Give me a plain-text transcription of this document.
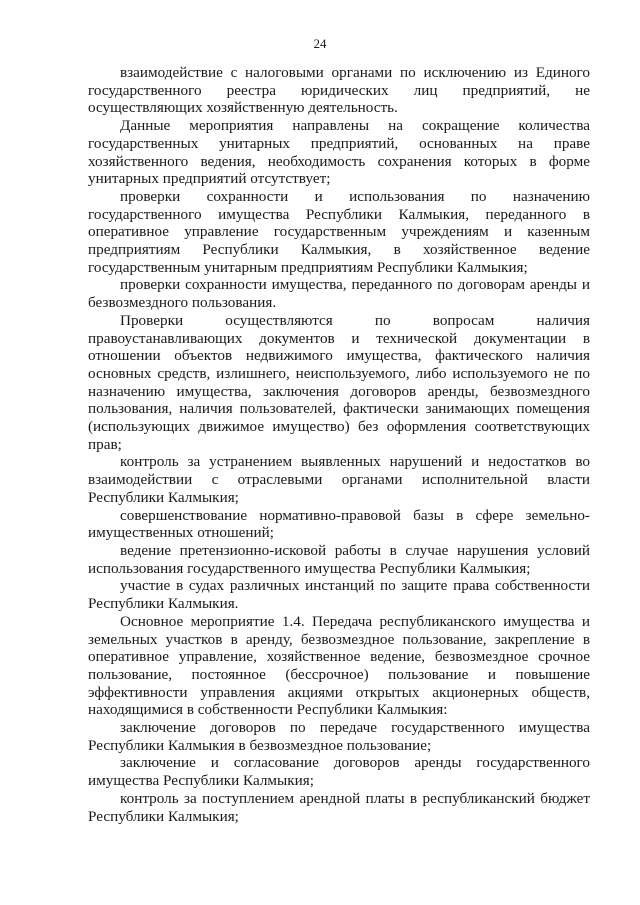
24

взаимодействие с налоговыми органами по исключению из Единого государственного реестра юридических лиц предприятий, не осуществляющих хозяйственную деятельность.

Данные мероприятия направлены на сокращение количества государственных унитарных предприятий, основанных на праве хозяйственного ведения, необходимость сохранения которых в форме унитарных предприятий отсутствует;

проверки сохранности и использования по назначению государственного имущества Республики Калмыкия, переданного в оперативное управление государственным учреждениям и казенным предприятиям Республики Калмыкия, в хозяйственное ведение государственным унитарным предприятиям Республики Калмыкия;

проверки сохранности имущества, переданного по договорам аренды и безвозмездного пользования.

Проверки осуществляются по вопросам наличия правоустанавливающих документов и технической документации в отношении объектов недвижимого имущества, фактического наличия основных средств, излишнего, неиспользуемого, либо используемого не по назначению имущества, заключения договоров аренды, безвозмездного пользования, наличия пользователей, фактически занимающих помещения (использующих движимое имущество) без оформления соответствующих прав;

контроль за устранением выявленных нарушений и недостатков во взаимодействии с отраслевыми органами исполнительной власти Республики Калмыкия;

совершенствование нормативно-правовой базы в сфере земельно-имущественных отношений;

ведение претензионно-исковой работы в случае нарушения условий использования государственного имущества Республики Калмыкия;

участие в судах различных инстанций по защите права собственности Республики Калмыкия.

Основное мероприятие 1.4. Передача республиканского имущества и земельных участков в аренду, безвозмездное пользование, закрепление в оперативное управление, хозяйственное ведение, безвозмездное срочное пользование, постоянное (бессрочное) пользование и повышение эффективности управления акциями открытых акционерных обществ, находящимися в собственности Республики Калмыкия:

заключение договоров по передаче государственного имущества Республики Калмыкия в безвозмездное пользование;

заключение и согласование договоров аренды государственного имущества Республики Калмыкия;

контроль за поступлением арендной платы в республиканский бюджет Республики Калмыкия;
